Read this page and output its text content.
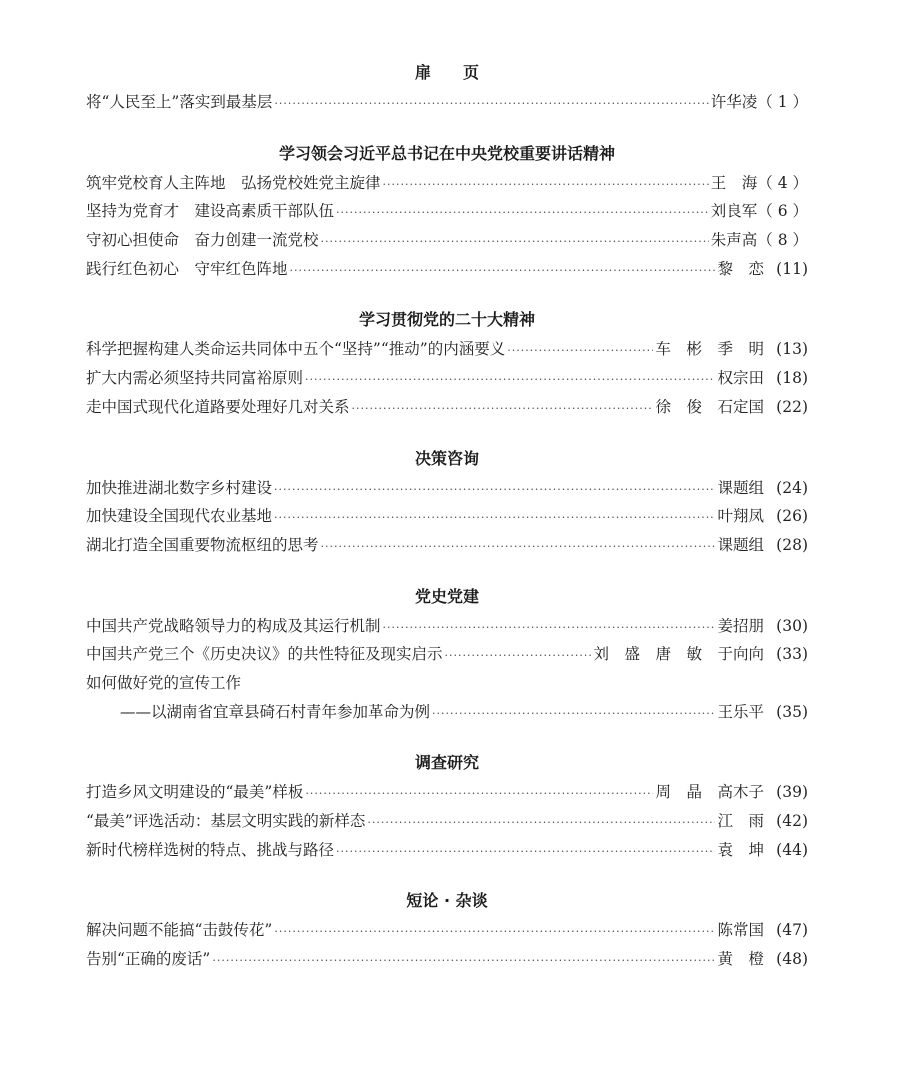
扉　　页
将“人民至上”落实到最基层 ·····	许华凌 （ 1 ）
学习领会习近平总书记在中央党校重要讲话精神
筑牢党校育人主阵地　弘扬党校姓党主旋律 ·····	王　海 （ 4 ）
坚持为党育才　建设高素质干部队伍 ·····	刘良军 （ 6 ）
守初心担使命　奋力创建一流党校 ·····	朱声高 （ 8 ）
践行红色初心　守牢红色阵地 ·····	黎　恋 (11)
学习贯彻党的二十大精神
科学把握构建人类命运共同体中五个“坚持”“推动”的内涵要义 ·····	车　彬　季　明 (13)
扩大内需必须坚持共同富裕原则 ·····	权宗田 (18)
走中国式现代化道路要处理好几对关系 ·····	徐　俊　石定国 (22)
决策咨询
加快推进湖北数字乡村建设 ·····	课题组 (24)
加快建设全国现代农业基地 ·····	叶翔凤 (26)
湖北打造全国重要物流枢纽的思考 ·····	课题组 (28)
党史党建
中国共产党战略领导力的构成及其运行机制 ·····	姜招朋 (30)
中国共产党三个《历史决议》的共性特征及现实启示 ·····	刘　盛　唐　敏　于向向 (33)
如何做好党的宣传工作
——以湖南省宜章县碕石村青年参加革命为例 ·····	王乐平 (35)
调查研究
打造乡风文明建设的“最美”样板 ·····	周　晶　高木子 (39)
“最美”评选活动：基层文明实践的新样态 ·····	江　雨 (42)
新时代榜样选树的特点、挑战与路径 ·····	袁　坤 (44)
短论 · 杂谈
解决问题不能搞“击鼓传花” ·····	陈常国 (47)
告别“正确的废话” ·····	黄　橙 (48)
